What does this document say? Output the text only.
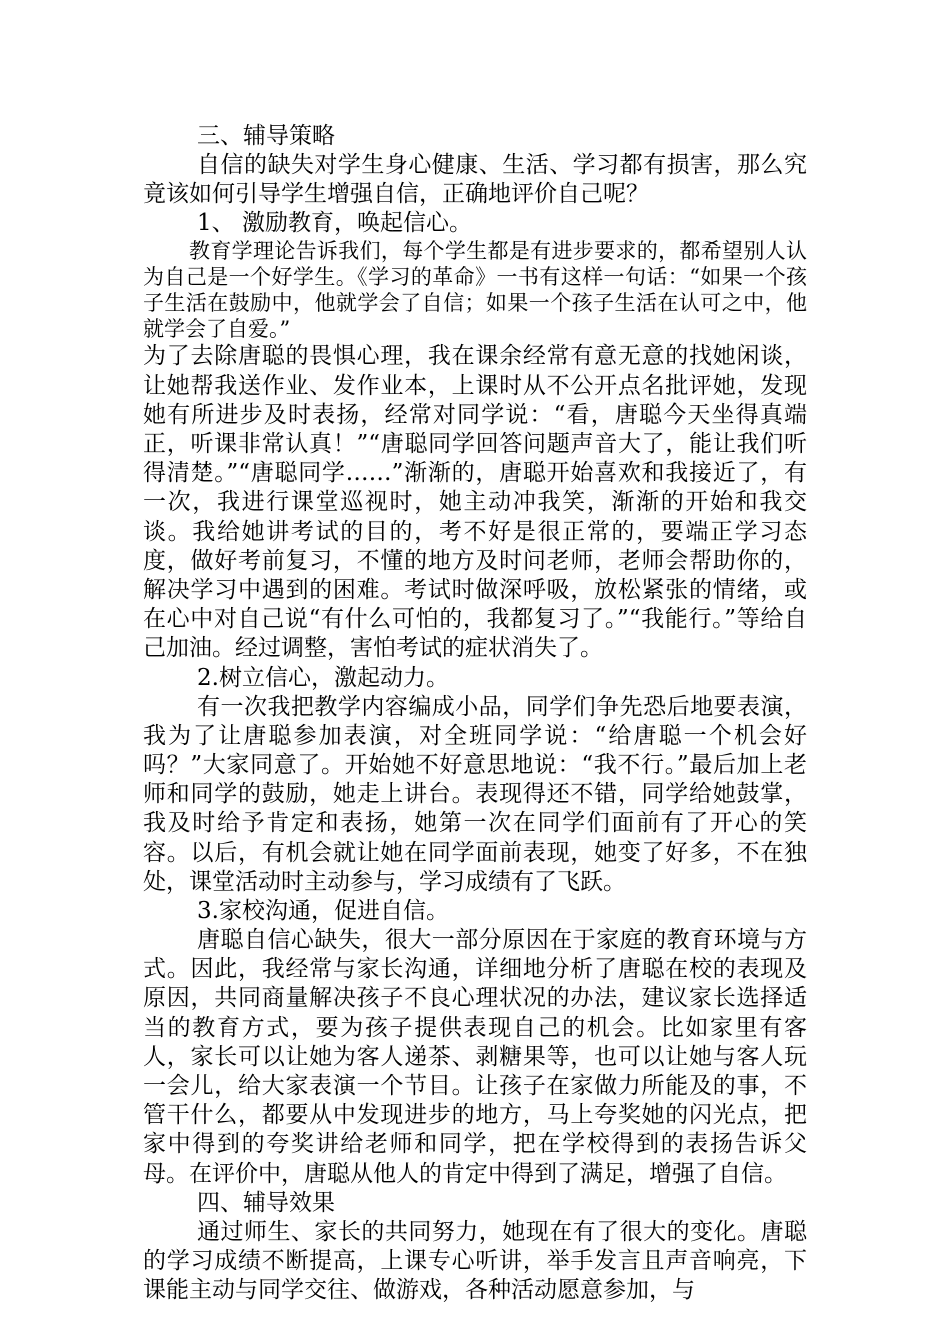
三、辅导策略

自信的缺失对学生身心健康、生活、学习都有损害，那么究竟该如何引导学生增强自信，正确地评价自己呢？

1、 激励教育，唤起信心。

教育学理论告诉我们，每个学生都是有进步要求的，都希望别人认为自己是一个好学生。《学习的革命》一书有这样一句话：“如果一个孩子生活在鼓励中，他就学会了自信；如果一个孩子生活在认可之中，他就学会了自爱。”

为了去除唐聪的畏惧心理，我在课余经常有意无意的找她闲谈，让她帮我送作业、发作业本，上课时从不公开点名批评她，发现她有所进步及时表扬，经常对同学说：“看，唐聪今天坐得真端正，听课非常认真！”“唐聪同学回答问题声音大了，能让我们听得清楚。”“唐聪同学……”渐渐的，唐聪开始喜欢和我接近了，有一次，我进行课堂巡视时，她主动冲我笑，渐渐的开始和我交谈。我给她讲考试的目的，考不好是很正常的，要端正学习态度，做好考前复习，不懂的地方及时问老师，老师会帮助你的，解决学习中遇到的困难。考试时做深呼吸，放松紧张的情绪，或在心中对自己说“有什么可怕的，我都复习了。”“我能行。”等给自己加油。经过调整，害怕考试的症状消失了。

2.树立信心，激起动力。

有一次我把教学内容编成小品，同学们争先恐后地要表演，我为了让唐聪参加表演，对全班同学说：“给唐聪一个机会好吗？”大家同意了。开始她不好意思地说：“我不行。”最后加上老师和同学的鼓励，她走上讲台。表现得还不错，同学给她鼓掌，我及时给予肯定和表扬，她第一次在同学们面前有了开心的笑容。以后，有机会就让她在同学面前表现，她变了好多，不在独处，课堂活动时主动参与，学习成绩有了飞跃。

3.家校沟通，促进自信。

唐聪自信心缺失，很大一部分原因在于家庭的教育环境与方式。因此，我经常与家长沟通，详细地分析了唐聪在校的表现及原因，共同商量解决孩子不良心理状况的办法，建议家长选择适当的教育方式，要为孩子提供表现自己的机会。比如家里有客人，家长可以让她为客人递茶、剥糖果等，也可以让她与客人玩一会儿，给大家表演一个节目。让孩子在家做力所能及的事，不管干什么，都要从中发现进步的地方，马上夸奖她的闪光点，把家中得到的夸奖讲给老师和同学，把在学校得到的表扬告诉父母。在评价中，唐聪从他人的肯定中得到了满足，增强了自信。

四、辅导效果

通过师生、家长的共同努力，她现在有了很大的变化。唐聪的学习成绩不断提高，上课专心听讲，举手发言且声音响亮，下课能主动与同学交往、做游戏，各种活动愿意参加，与
